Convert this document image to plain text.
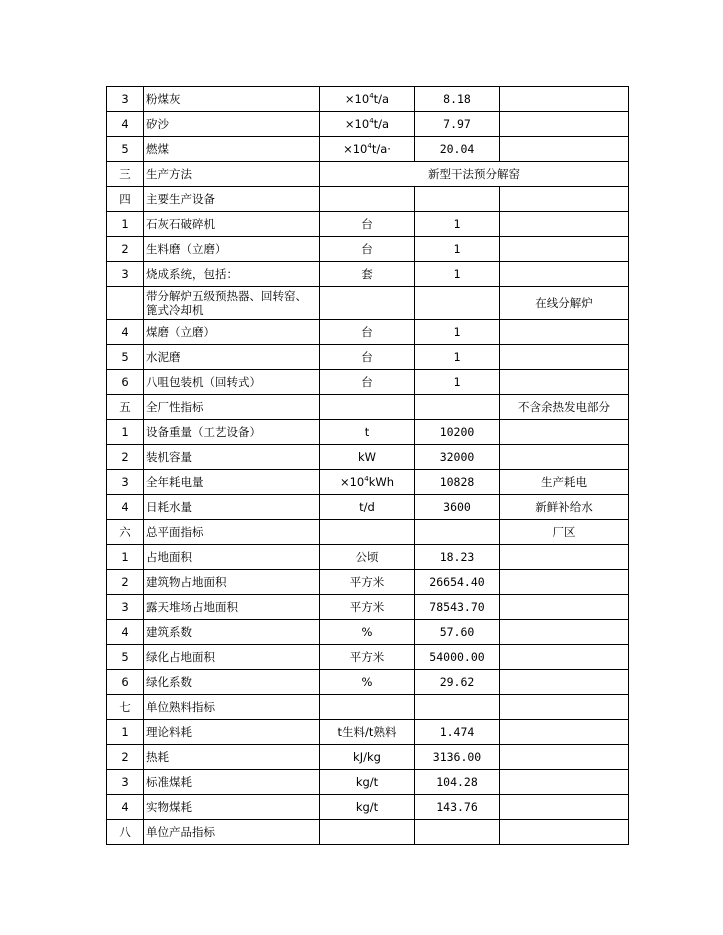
3	粉煤灰	$\times 10^4t/a$	8.18	
4	矽沙	$\times 10^4t/a$	7.97	
5	燃煤	$\times 10^4t/a\cdot$	20.04	
三	生产方法	新型干法预分解窑		
四	主要生产设备			
1	石灰石破碎机	台	1	
2	生料磨（立磨）	台	1	
3	烧成系统，包括：	套	1	
	带分解炉五级预热器、回转窑、篦式冷却机			在线分解炉
4	煤磨（立磨）	台	1	
5	水泥磨	台	1	
6	八咀包装机（回转式）	台	1	
五	全厂性指标			不含余热发电部分
1	设备重量（工艺设备）	t	10200	
2	装机容量	kW	32000	
3	全年耗电量	$\times 10^4kWh$	10828	生产耗电
4	日耗水量	t/d	3600	新鲜补给水
六	总平面指标			厂区
1	占地面积	公顷	18.23	
2	建筑物占地面积	平方米	26654.40	
3	露天堆场占地面积	平方米	78543.70	
4	建筑系数	%	57.60	
5	绿化占地面积	平方米	54000.00	
6	绿化系数	%	29.62	
七	单位熟料指标			
1	理论料耗	t生料/t熟料	1.474	
2	热耗	kJ/kg	3136.00	
3	标准煤耗	kg/t	104.28	
4	实物煤耗	kg/t	143.76	
八	单位产品指标			
